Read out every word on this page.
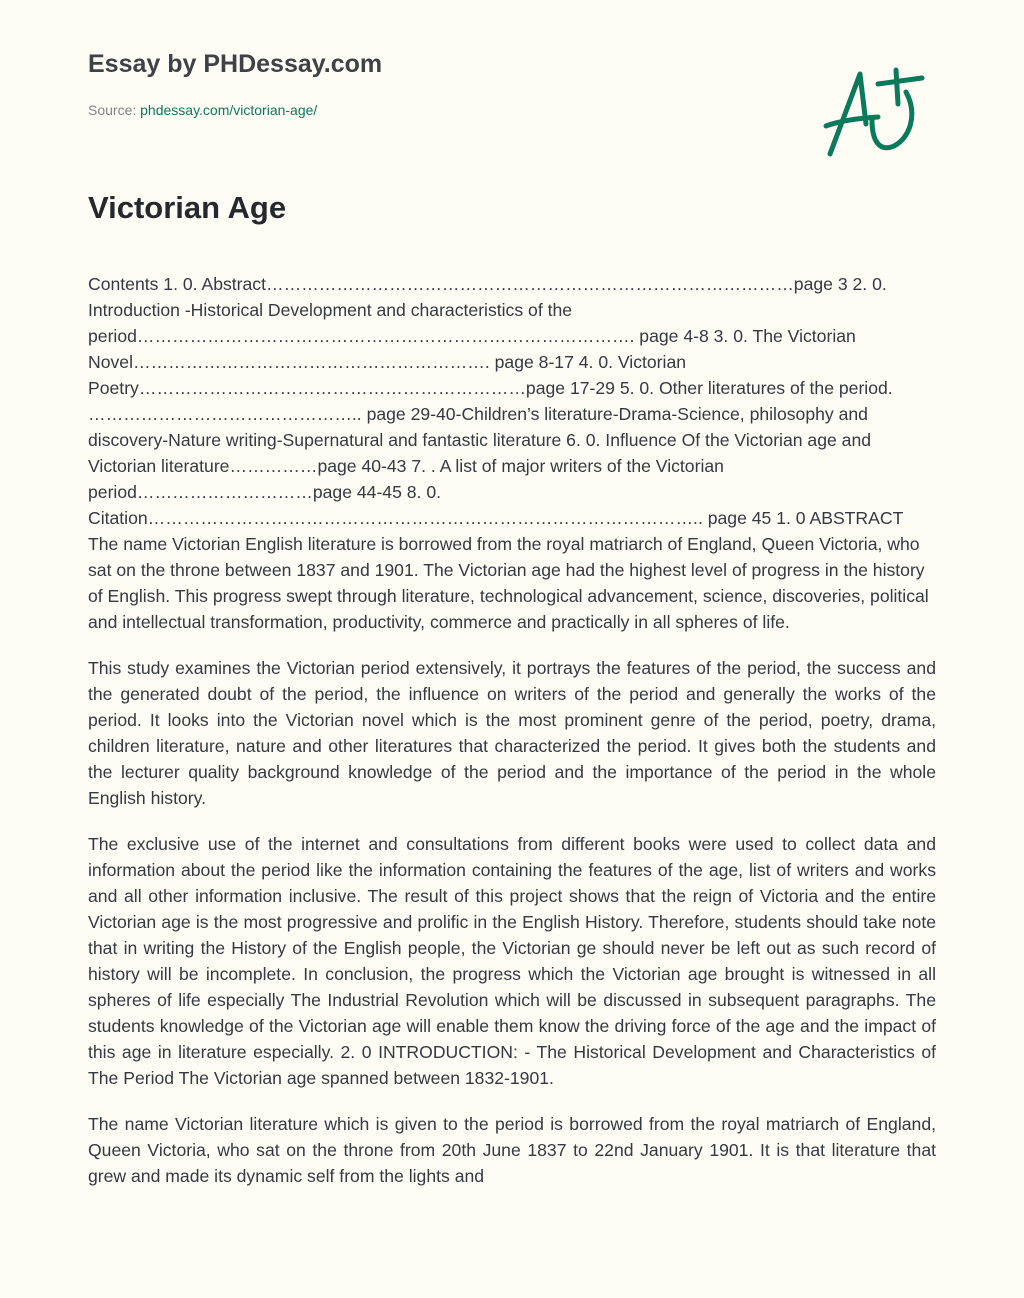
Essay by PHDessay.com
Source: phdessay.com/victorian-age/
Victorian Age

Contents 1. 0. Abstract………………………………………………………………………………page 3 2. 0. Introduction -Historical Development and characteristics of the period…………………………………………………………………………. page 4-8 3. 0. The Victorian Novel……………………………………………………. page 8-17 4. 0. Victorian Poetry…………………………………………………………page 17-29 5. 0. Other literatures of the period. ……………………………………….. page 29-40-Children’s literature-Drama-Science, philosophy and discovery-Nature writing-Supernatural and fantastic literature 6. 0. Influence Of the Victorian age and Victorian literature……………page 40-43 7. . A list of major writers of the Victorian period…………………………page 44-45 8. 0. Citation………………………………………………………………………………….. page 45 1. 0 ABSTRACT The name Victorian English literature is borrowed from the royal matriarch of England, Queen Victoria, who sat on the throne between 1837 and 1901. The Victorian age had the highest level of progress in the history of English. This progress swept through literature, technological advancement, science, discoveries, political and intellectual transformation, productivity, commerce and practically in all spheres of life.

This study examines the Victorian period extensively, it portrays the features of the period, the success and the generated doubt of the period, the influence on writers of the period and generally the works of the period. It looks into the Victorian novel which is the most prominent genre of the period, poetry, drama, children literature, nature and other literatures that characterized the period. It gives both the students and the lecturer quality background knowledge of the period and the importance of the period in the whole English history.

The exclusive use of the internet and consultations from different books were used to collect data and information about the period like the information containing the features of the age, list of writers and works and all other information inclusive. The result of this project shows that the reign of Victoria and the entire Victorian age is the most progressive and prolific in the English History. Therefore, students should take note that in writing the History of the English people, the Victorian ge should never be left out as such record of history will be incomplete. In conclusion, the progress which the Victorian age brought is witnessed in all spheres of life especially The Industrial Revolution which will be discussed in subsequent paragraphs. The students knowledge of the Victorian age will enable them know the driving force of the age and the impact of this age in literature especially. 2. 0 INTRODUCTION: - The Historical Development and Characteristics of The Period The Victorian age spanned between 1832-1901.

The name Victorian literature which is given to the period is borrowed from the royal matriarch of England, Queen Victoria, who sat on the throne from 20th June 1837 to 22nd January 1901. It is that literature that grew and made its dynamic self from the lights and
